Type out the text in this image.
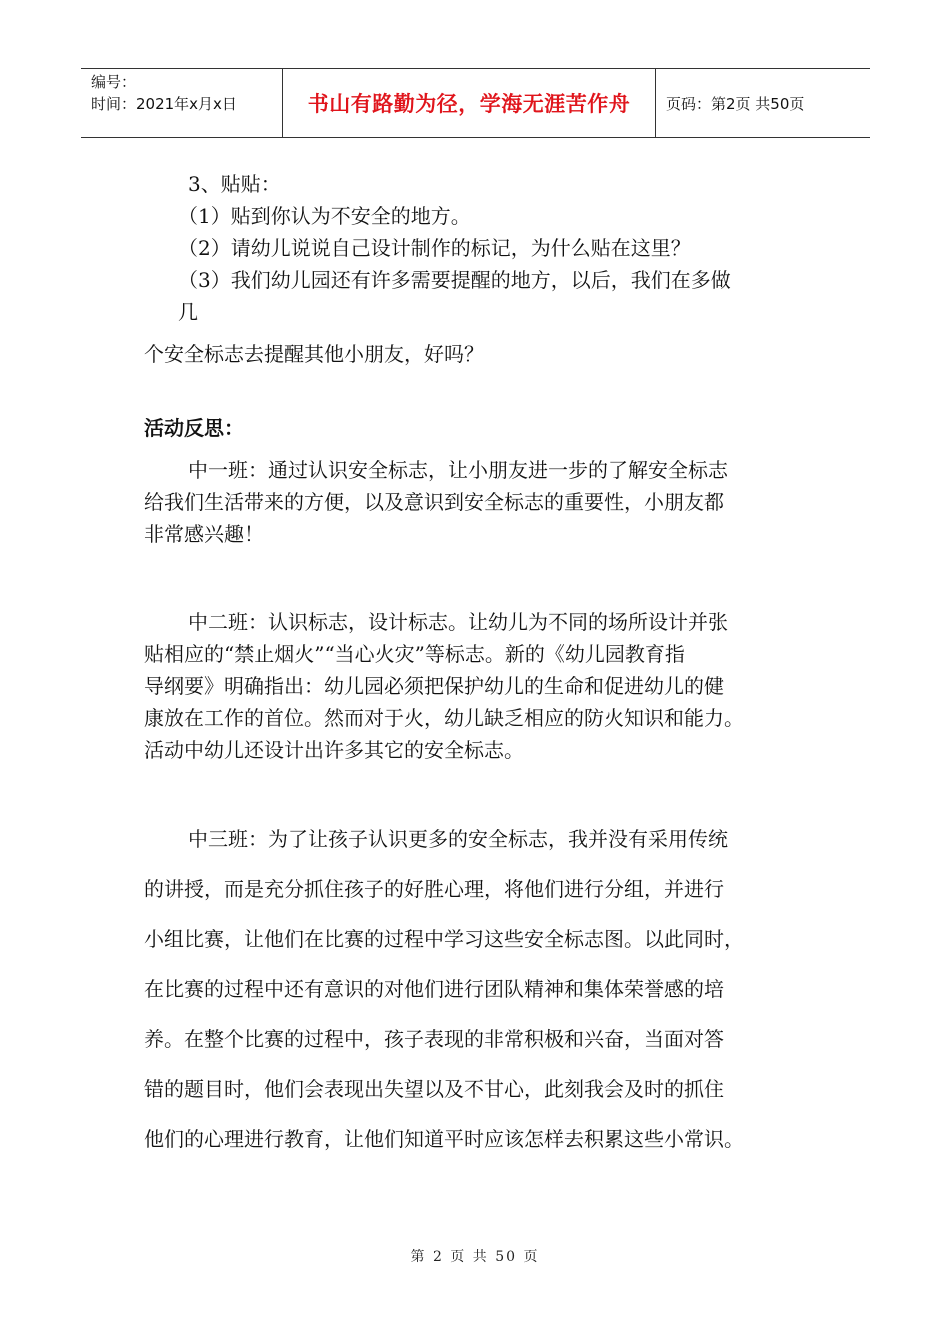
编号：
时间：2021年x月x日	书山有路勤为径，学海无涯苦作舟	页码：第2页 共50页
3、贴贴：
（1）贴到你认为不安全的地方。
（2）请幼儿说说自己设计制作的标记，为什么贴在这里？
（3）我们幼儿园还有许多需要提醒的地方，以后，我们在多做
几
个安全标志去提醒其他小朋友，好吗？
活动反思：
中一班：通过认识安全标志，让小朋友进一步的了解安全标志
给我们生活带来的方便，以及意识到安全标志的重要性，小朋友都
非常感兴趣！
中二班：认识标志，设计标志。让幼儿为不同的场所设计并张
贴相应的“禁止烟火”“当心火灾”等标志。新的《幼儿园教育指
导纲要》明确指出：幼儿园必须把保护幼儿的生命和促进幼儿的健
康放在工作的首位。然而对于火，幼儿缺乏相应的防火知识和能力。
活动中幼儿还设计出许多其它的安全标志。
中三班：为了让孩子认识更多的安全标志，我并没有采用传统
的讲授，而是充分抓住孩子的好胜心理，将他们进行分组，并进行
小组比赛，让他们在比赛的过程中学习这些安全标志图。以此同时，
在比赛的过程中还有意识的对他们进行团队精神和集体荣誉感的培
养。在整个比赛的过程中，孩子表现的非常积极和兴奋，当面对答
错的题目时，他们会表现出失望以及不甘心，此刻我会及时的抓住
他们的心理进行教育，让他们知道平时应该怎样去积累这些小常识。
第 2 页 共 50 页
